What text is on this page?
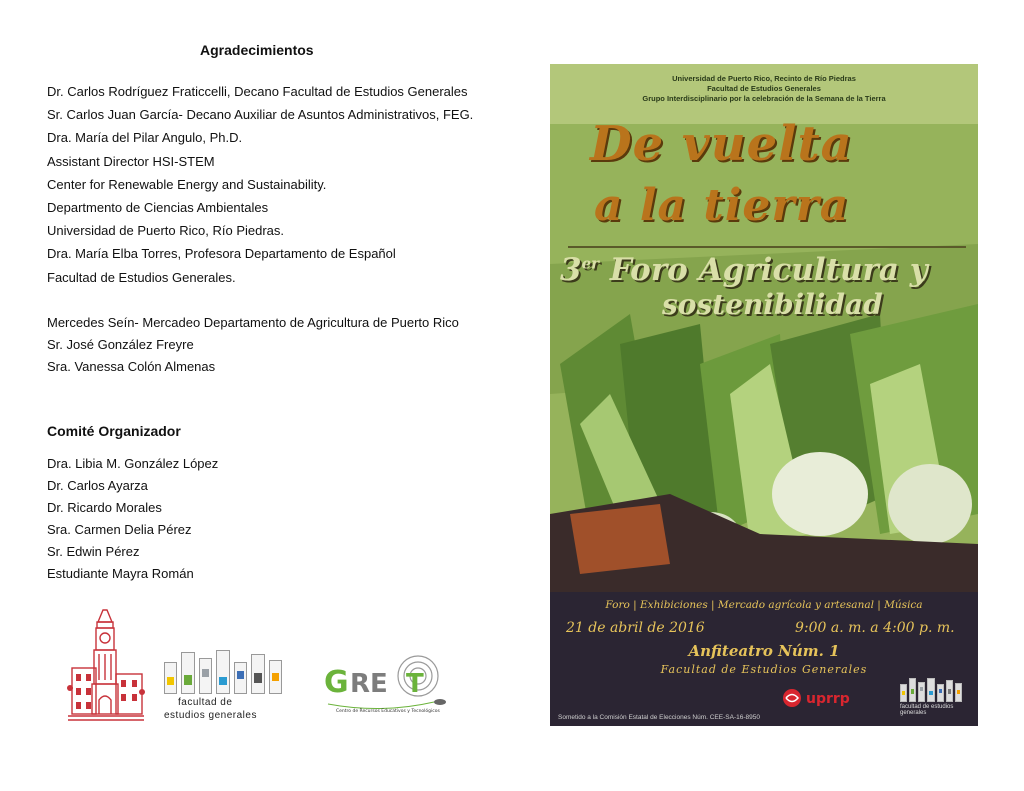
Agradecimientos
Dr. Carlos Rodríguez Fraticcelli, Decano Facultad de Estudios Generales
Sr. Carlos Juan García- Decano Auxiliar de Asuntos Administrativos, FEG.
Dra. María del Pilar Angulo, Ph.D.
Assistant Director HSI-STEM
Center for Renewable Energy and Sustainability.
Departmento de Ciencias Ambientales
Universidad de Puerto Rico, Río Piedras.
Dra. María Elba Torres, Profesora Departamento de Español
Facultad de Estudios Generales.
Mercedes Seín- Mercadeo Departamento de Agricultura de Puerto Rico
Sr. José González Freyre
Sra. Vanessa Colón Almenas
Comité Organizador
Dra. Libia M. González López
Dr. Carlos Ayarza
Dr. Ricardo Morales
Sra. Carmen Delia Pérez
Sr. Edwin Pérez
Estudiante Mayra Román
facultad de
estudios generales
G RE T
Centro de Recursos Educativos y Tecnológicos
Universidad de Puerto Rico, Recinto de Río Piedras
Facultad de Estudios Generales
Grupo Interdisciplinario por la celebración de la Semana de la Tierra
De vuelta
a la tierra
3er Foro Agricultura y
sostenibilidad
Foro | Exhibiciones | Mercado agrícola y artesanal | Música
21 de abril de 2016	9:00 a. m. a 4:00 p. m.
Anfiteatro Núm. 1
Facultad de Estudios Generales
uprrp	facultad de estudios generales
Sometido a la Comisión Estatal de Elecciones Núm. CEE-SA-16-8950
